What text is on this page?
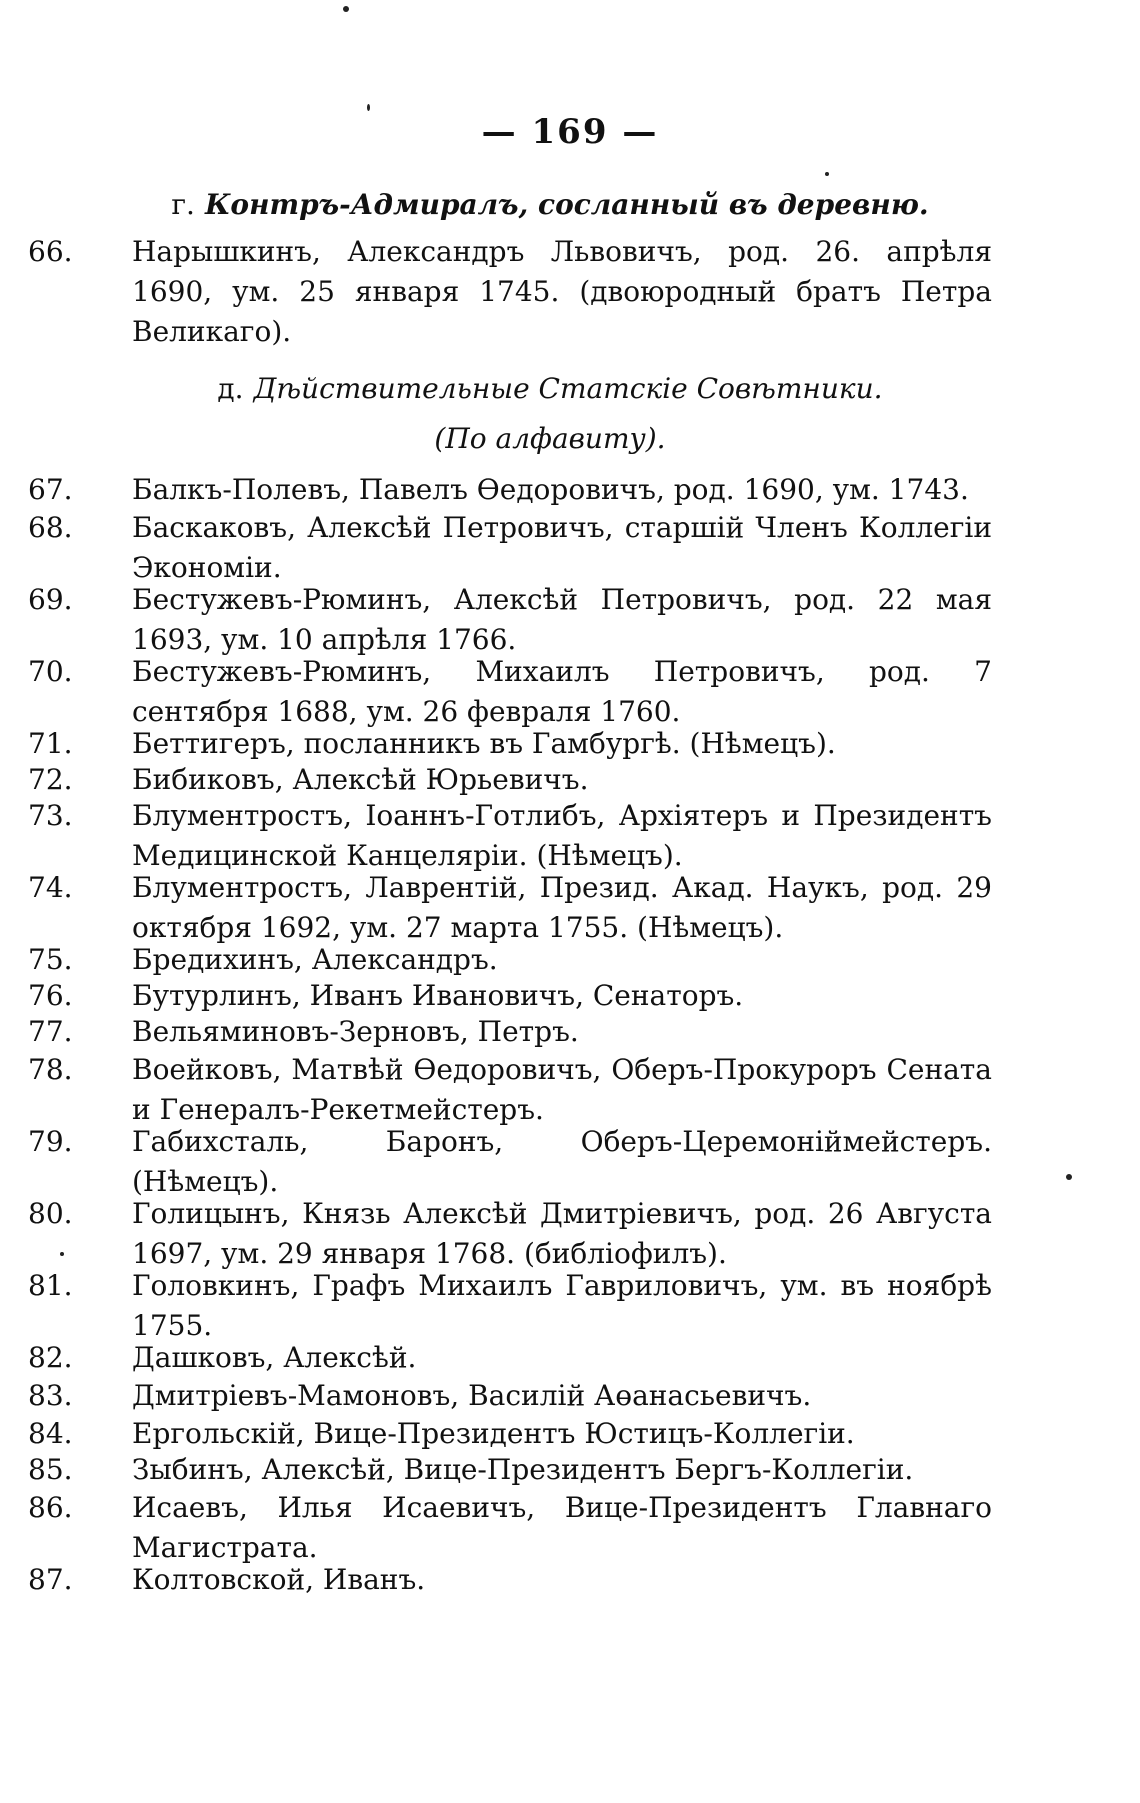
— 169 —
г. Контръ-Адмиралъ, сосланный въ деревню.
66. Нарышкинъ, Александръ Львовичъ, род. 26. апрѣля 1690, ум. 25 января 1745. (двоюродный братъ Петра Великаго).
д. Дѣйствительные Статскіе Совѣтники.
(По алфавиту).
67. Балкъ-Полевъ, Павелъ Өедоровичъ, род. 1690, ум. 1743.
68. Баскаковъ, Алексѣй Петровичъ, старшій Членъ Коллегіи Экономіи.
69. Бестужевъ-Рюминъ, Алексѣй Петровичъ, род. 22 мая 1693, ум. 10 апрѣля 1766.
70. Бестужевъ-Рюминъ, Михаилъ Петровичъ, род. 7 сентября 1688, ум. 26 февраля 1760.
71. Беттигеръ, посланникъ въ Гамбургѣ. (Нѣмецъ).
72. Бибиковъ, Алексѣй Юрьевичъ.
73. Блументростъ, Іоаннъ-Готлибъ, Архіятеръ и Президентъ Медицинской Канцеляріи. (Нѣмецъ).
74. Блументростъ, Лаврентій, Презид. Акад. Наукъ, род. 29 октября 1692, ум. 27 марта 1755. (Нѣмецъ).
75. Бредихинъ, Александръ.
76. Бутурлинъ, Иванъ Ивановичъ, Сенаторъ.
77. Вельяминовъ-Зерновъ, Петръ.
78. Воейковъ, Матвѣй Өедоровичъ, Оберъ-Прокуроръ Сената и Генералъ-Рекетмейстеръ.
79. Габихсталь, Баронъ, Оберъ-Церемоніймейстеръ. (Нѣмецъ).
80. Голицынъ, Князь Алексѣй Дмитріевичъ, род. 26 Августа 1697, ум. 29 января 1768. (библіофилъ).
81. Головкинъ, Графъ Михаилъ Гавриловичъ, ум. въ ноябрѣ 1755.
82. Дашковъ, Алексѣй.
83. Дмитріевъ-Мамоновъ, Василій Аөанасьевичъ.
84. Ергольскій, Вице-Президентъ Юстицъ-Коллегіи.
85. Зыбинъ, Алексѣй, Вице-Президентъ Бергъ-Коллегіи.
86. Исаевъ, Илья Исаевичъ, Вице-Президентъ Главнаго Магистрата.
87. Колтовской, Иванъ.
